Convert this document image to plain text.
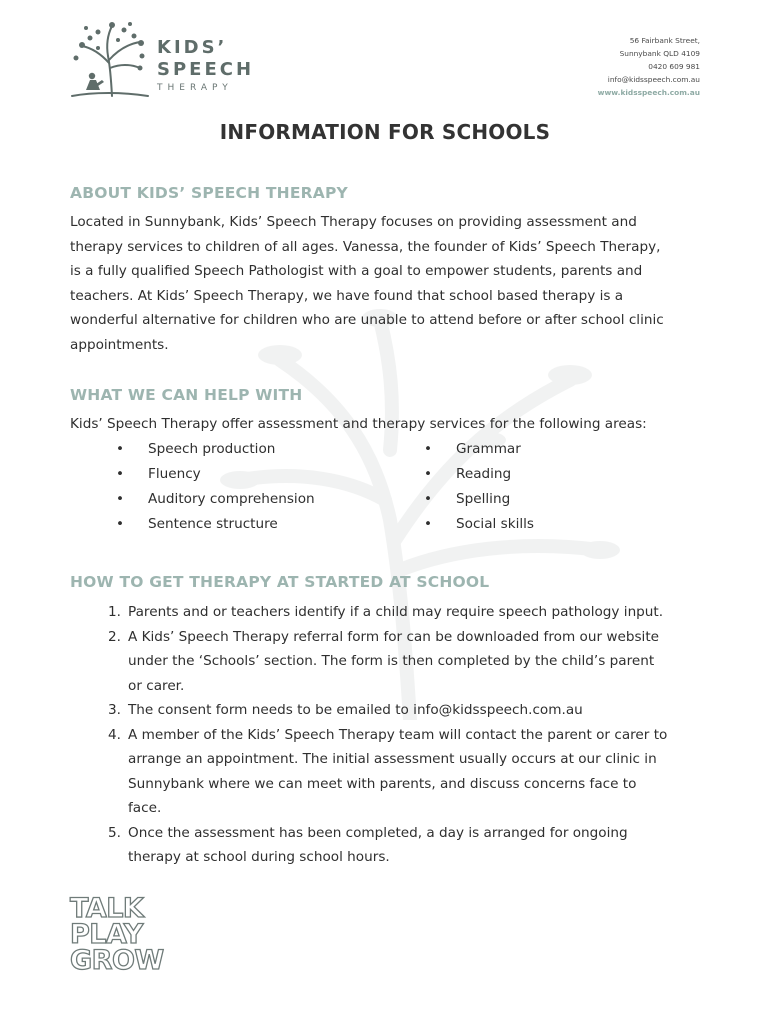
KIDS’
SPEECH
THERAPY
56 Fairbank Street,
Sunnybank QLD 4109
0420 609 981
info@kidsspeech.com.au
www.kidsspeech.com.au
INFORMATION FOR SCHOOLS
ABOUT KIDS’ SPEECH THERAPY
Located in Sunnybank, Kids’ Speech Therapy focuses on providing assessment and
therapy services to children of all ages. Vanessa, the founder of Kids’ Speech Therapy,
is a fully qualified Speech Pathologist with a goal to empower students, parents and
teachers. At Kids’ Speech Therapy, we have found that school based therapy is a
wonderful alternative for children who are unable to attend before or after school clinic
appointments.
WHAT WE CAN HELP WITH
Kids’ Speech Therapy offer assessment and therapy services for the following areas:
• Speech production
• Fluency
• Auditory comprehension
• Sentence structure
• Grammar
• Reading
• Spelling
• Social skills
HOW TO GET THERAPY AT STARTED AT SCHOOL
1. Parents and or teachers identify if a child may require speech pathology input.
2. A Kids’ Speech Therapy referral form for can be downloaded from our website
under the ‘Schools’ section. The form is then completed by the child’s parent
or carer.
3. The consent form needs to be emailed to info@kidsspeech.com.au
4. A member of the Kids’ Speech Therapy team will contact the parent or carer to
arrange an appointment. The initial assessment usually occurs at our clinic in
Sunnybank where we can meet with parents, and discuss concerns face to
face.
5. Once the assessment has been completed, a day is arranged for ongoing
therapy at school during school hours.
TALK
PLAY
GROW
